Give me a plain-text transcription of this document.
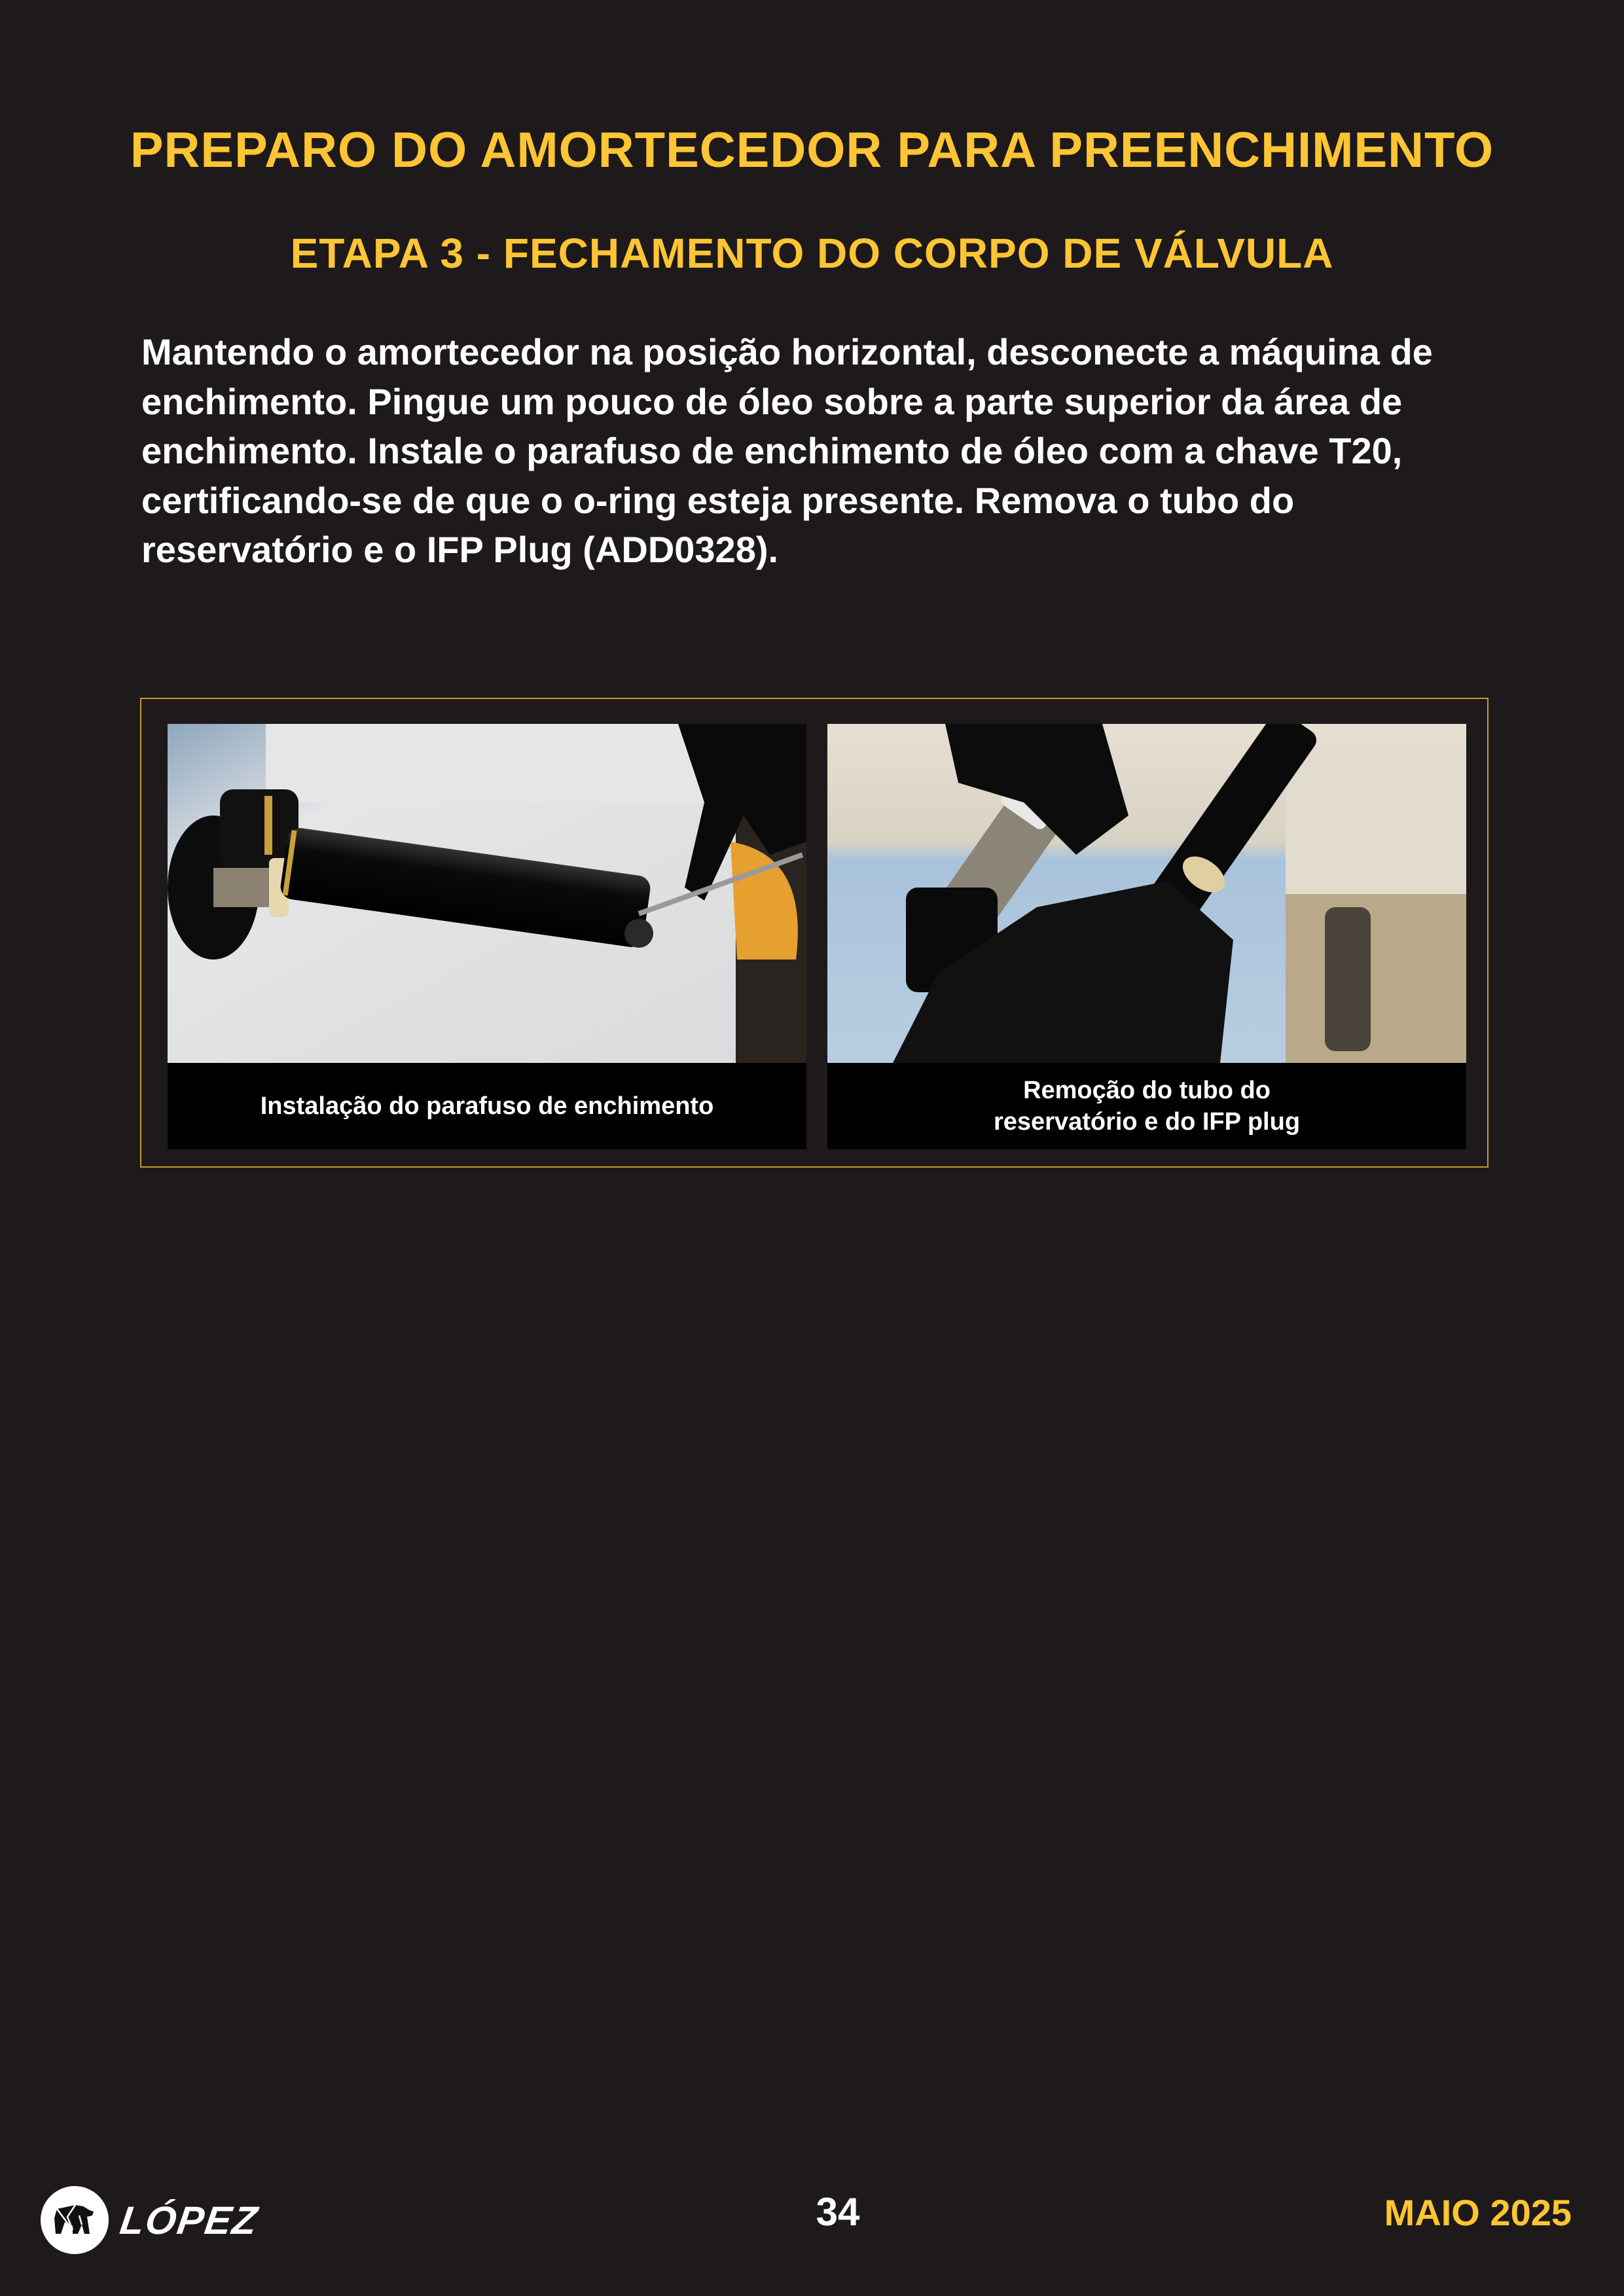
PREPARO DO AMORTECEDOR PARA PREENCHIMENTO
ETAPA 3 - FECHAMENTO DO CORPO DE VÁLVULA

Mantendo o amortecedor na posição horizontal, desconecte a máquina de enchimento. Pingue um pouco de óleo sobre a parte superior da área de enchimento. Instale o parafuso de enchimento de óleo com a chave T20, certificando-se de que o o-ring esteja presente. Remova o tubo do reservatório e o IFP Plug (ADD0328).

Instalação do parafuso de enchimento
Remoção do tubo do reservatório e do IFP plug
LÓPEZ	34	MAIO 2025
